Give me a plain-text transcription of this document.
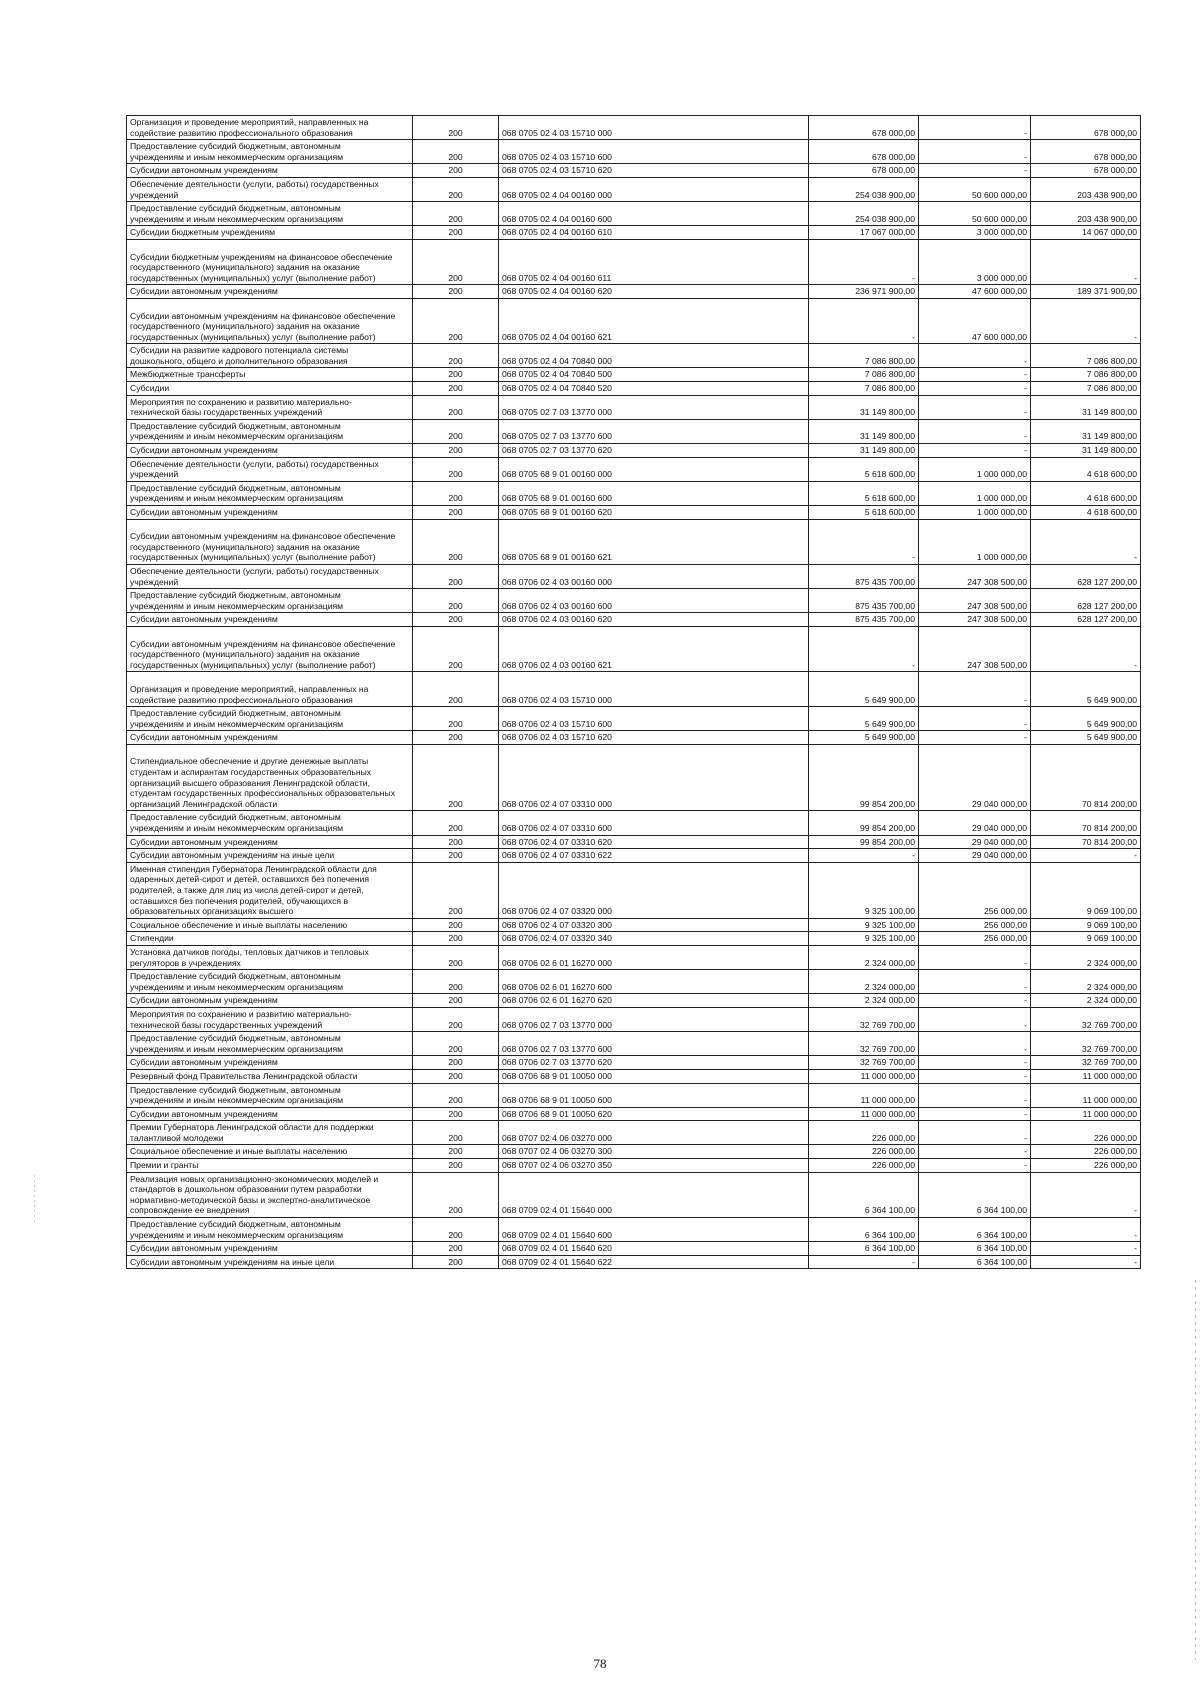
Организация и проведение мероприятий, направленных на
содействие развитию профессионального образования	200	068 0705 02 4 03 15710 000	678 000,00	-	678 000,00
Предоставление субсидий бюджетным, автономным
учреждениям и иным некоммерческим организациям	200	068 0705 02 4 03 15710 600	678 000,00	-	678 000,00
Субсидии автономным учреждениям	200	068 0705 02 4 03 15710 620	678 000,00	-	678 000,00
Обеспечение деятельности (услуги, работы) государственных
учреждений	200	068 0705 02 4 04 00160 000	254 038 900,00	50 600 000,00	203 438 900,00
Предоставление субсидий бюджетным, автономным
учреждениям и иным некоммерческим организациям	200	068 0705 02 4 04 00160 600	254 038 900,00	50 600 000,00	203 438 900,00
Субсидии бюджетным учреждениям	200	068 0705 02 4 04 00160 610	17 067 000,00	3 000 000,00	14 067 000,00

Субсидии бюджетным учреждениям на финансовое обеспечение
государственного (муниципального) задания на оказание
государственных (муниципальных) услуг (выполнение работ)	200	068 0705 02 4 04 00160 611	-	3 000 000,00	-
Субсидии автономным учреждениям	200	068 0705 02 4 04 00160 620	236 971 900,00	47 600 000,00	189 371 900,00

Субсидии автономным учреждениям на финансовое обеспечение
государственного (муниципального) задания на оказание
государственных (муниципальных) услуг (выполнение работ)	200	068 0705 02 4 04 00160 621	-	47 600 000,00	-
Субсидии на развитие кадрового потенциала системы
дошкольного, общего и дополнительного образования	200	068 0705 02 4 04 70840 000	7 086 800,00	-	7 086 800,00
Межбюджетные трансферты	200	068 0705 02 4 04 70840 500	7 086 800,00	-	7 086 800,00
Субсидии	200	068 0705 02 4 04 70840 520	7 086 800,00	-	7 086 800,00
Мероприятия по сохранению и развитию материально-
технической базы государственных учреждений	200	068 0705 02 7 03 13770 000	31 149 800,00	-	31 149 800,00
Предоставление субсидий бюджетным, автономным
учреждениям и иным некоммерческим организациям	200	068 0705 02 7 03 13770 600	31 149 800,00	-	31 149 800,00
Субсидии автономным учреждениям	200	068 0705 02 7 03 13770 620	31 149 800,00	-	31 149 800,00
Обеспечение деятельности (услуги, работы) государственных
учреждений	200	068 0705 68 9 01 00160 000	5 618 600,00	1 000 000,00	4 618 600,00
Предоставление субсидий бюджетным, автономным
учреждениям и иным некоммерческим организациям	200	068 0705 68 9 01 00160 600	5 618 600,00	1 000 000,00	4 618 600,00
Субсидии автономным учреждениям	200	068 0705 68 9 01 00160 620	5 618 600,00	1 000 000,00	4 618 600,00

Субсидии автономным учреждениям на финансовое обеспечение
государственного (муниципального) задания на оказание
государственных (муниципальных) услуг (выполнение работ)	200	068 0705 68 9 01 00160 621	-	1 000 000,00	-
Обеспечение деятельности (услуги, работы) государственных
учреждений	200	068 0706 02 4 03 00160 000	875 435 700,00	247 308 500,00	628 127 200,00
Предоставление субсидий бюджетным, автономным
учреждениям и иным некоммерческим организациям	200	068 0706 02 4 03 00160 600	875 435 700,00	247 308 500,00	628 127 200,00
Субсидии автономным учреждениям	200	068 0706 02 4 03 00160 620	875 435 700,00	247 308 500,00	628 127 200,00

Субсидии автономным учреждениям на финансовое обеспечение
государственного (муниципального) задания на оказание
государственных (муниципальных) услуг (выполнение работ)	200	068 0706 02 4 03 00160 621	-	247 308 500,00	-

Организация и проведение мероприятий, направленных на
содействие развитию профессионального образования	200	068 0706 02 4 03 15710 000	5 649 900,00	-	5 649 900,00
Предоставление субсидий бюджетным, автономным
учреждениям и иным некоммерческим организациям	200	068 0706 02 4 03 15710 600	5 649 900,00	-	5 649 900,00
Субсидии автономным учреждениям	200	068 0706 02 4 03 15710 620	5 649 900,00	-	5 649 900,00

Стипендиальное обеспечение и другие денежные выплаты
студентам и аспирантам государственных образовательных
организаций высшего образования Ленинградской области,
студентам государственных профессиональных образовательных
организаций Ленинградской области	200	068 0706 02 4 07 03310 000	99 854 200,00	29 040 000,00	70 814 200,00
Предоставление субсидий бюджетным, автономным
учреждениям и иным некоммерческим организациям	200	068 0706 02 4 07 03310 600	99 854 200,00	29 040 000,00	70 814 200,00
Субсидии автономным учреждениям	200	068 0706 02 4 07 03310 620	99 854 200,00	29 040 000,00	70 814 200,00
Субсидии автономным учреждениям на иные цели	200	068 0706 02 4 07 03310 622	-	29 040 000,00	-
Именная стипендия Губернатора Ленинградской области для
одаренных детей-сирот и детей, оставшихся без попечения
родителей, а также для лиц из числа детей-сирот и детей,
оставшихся без попечения родителей, обучающихся в
образовательных организациях высшего	200	068 0706 02 4 07 03320 000	9 325 100,00	256 000,00	9 069 100,00
Социальное обеспечение и иные выплаты населению	200	068 0706 02 4 07 03320 300	9 325 100,00	256 000,00	9 069 100,00
Стипендии	200	068 0706 02 4 07 03320 340	9 325 100,00	256 000,00	9 069 100,00
Установка датчиков погоды, тепловых датчиков и тепловых
регуляторов в учреждениях	200	068 0706 02 6 01 16270 000	2 324 000,00	-	2 324 000,00
Предоставление субсидий бюджетным, автономным
учреждениям и иным некоммерческим организациям	200	068 0706 02 6 01 16270 600	2 324 000,00	-	2 324 000,00
Субсидии автономным учреждениям	200	068 0706 02 6 01 16270 620	2 324 000,00	-	2 324 000,00
Мероприятия по сохранению и развитию материально-
технической базы государственных учреждений	200	068 0706 02 7 03 13770 000	32 769 700,00	-	32 769 700,00
Предоставление субсидий бюджетным, автономным
учреждениям и иным некоммерческим организациям	200	068 0706 02 7 03 13770 600	32 769 700,00	-	32 769 700,00
Субсидии автономным учреждениям	200	068 0706 02 7 03 13770 620	32 769 700,00	-	32 769 700,00
Резервный фонд Правительства Ленинградской области	200	068 0706 68 9 01 10050 000	11 000 000,00	-	11 000 000,00
Предоставление субсидий бюджетным, автономным
учреждениям и иным некоммерческим организациям	200	068 0706 68 9 01 10050 600	11 000 000,00	-	11 000 000,00
Субсидии автономным учреждениям	200	068 0706 68 9 01 10050 620	11 000 000,00	-	11 000 000,00
Премии Губернатора Ленинградской области для поддержки
талантливой молодежи	200	068 0707 02 4 06 03270 000	226 000,00	-	226 000,00
Социальное обеспечение и иные выплаты населению	200	068 0707 02 4 06 03270 300	226 000,00	-	226 000,00
Премии и гранты	200	068 0707 02 4 06 03270 350	226 000,00	-	226 000,00
Реализация новых организационно-экономических моделей и
стандартов в дошкольном образовании путем разработки
нормативно-методической базы и экспертно-аналитическое
сопровождение ее внедрения	200	068 0709 02 4 01 15640 000	6 364 100,00	6 364 100,00	-
Предоставление субсидий бюджетным, автономным
учреждениям и иным некоммерческим организациям	200	068 0709 02 4 01 15640 600	6 364 100,00	6 364 100,00	-
Субсидии автономным учреждениям	200	068 0709 02 4 01 15640 620	6 364 100,00	6 364 100,00	-
Субсидии автономным учреждениям на иные цели	200	068 0709 02 4 01 15640 622	-	6 364 100,00	-
78
